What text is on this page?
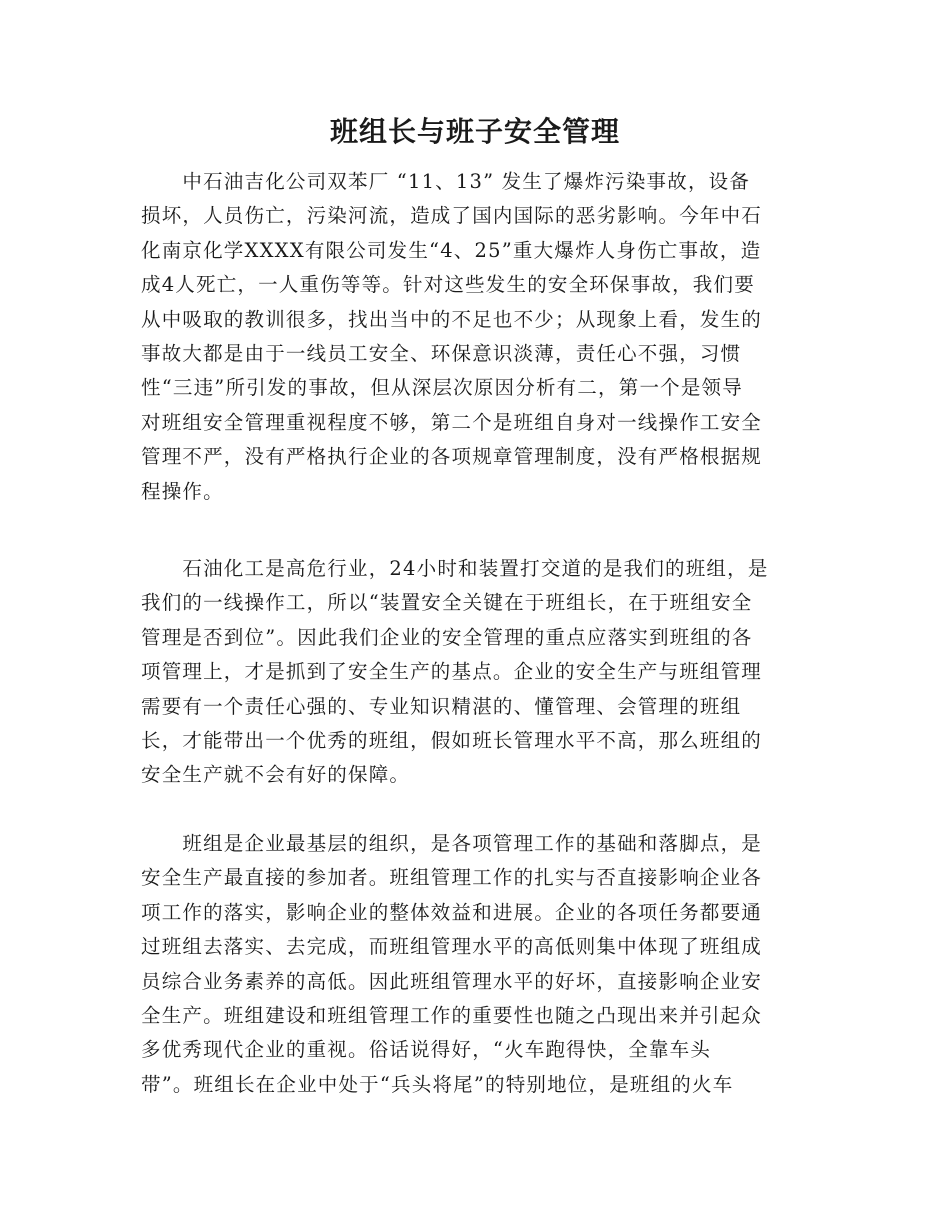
班组长与班子安全管理
　　中石油吉化公司双苯厂 “11、13” 发生了爆炸污染事故，设备
损坏，人员伤亡，污染河流，造成了国内国际的恶劣影响。今年中石
化南京化学XXXX有限公司发生“4、25”重大爆炸人身伤亡事故，造
成4人死亡，一人重伤等等。针对这些发生的安全环保事故，我们要
从中吸取的教训很多，找出当中的不足也不少；从现象上看，发生的
事故大都是由于一线员工安全、环保意识淡薄，责任心不强，习惯
性“三违”所引发的事故，但从深层次原因分析有二，第一个是领导
对班组安全管理重视程度不够，第二个是班组自身对一线操作工安全
管理不严，没有严格执行企业的各项规章管理制度，没有严格根据规
程操作。
　　石油化工是高危行业，24小时和装置打交道的是我们的班组，是
我们的一线操作工，所以“装置安全关键在于班组长，在于班组安全
管理是否到位”。因此我们企业的安全管理的重点应落实到班组的各
项管理上，才是抓到了安全生产的基点。企业的安全生产与班组管理
需要有一个责任心强的、专业知识精湛的、懂管理、会管理的班组
长，才能带出一个优秀的班组，假如班长管理水平不高，那么班组的
安全生产就不会有好的保障。
　　班组是企业最基层的组织，是各项管理工作的基础和落脚点，是
安全生产最直接的参加者。班组管理工作的扎实与否直接影响企业各
项工作的落实，影响企业的整体效益和进展。企业的各项任务都要通
过班组去落实、去完成，而班组管理水平的高低则集中体现了班组成
员综合业务素养的高低。因此班组管理水平的好坏，直接影响企业安
全生产。班组建设和班组管理工作的重要性也随之凸现出来并引起众
多优秀现代企业的重视。俗话说得好，“火车跑得快，全靠车头
带”。班组长在企业中处于“兵头将尾”的特别地位，是班组的火车
